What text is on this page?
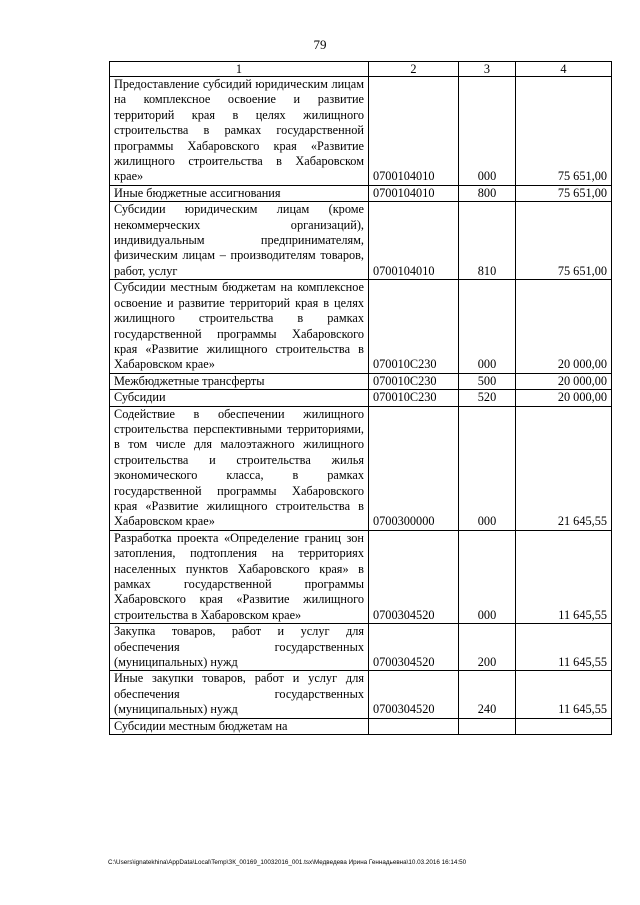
79
1	2	3	4
Предоставление субсидий юридическим лицам на комплексное освоение и развитие территорий края в целях жилищного строительства в рамках государственной программы Хабаровского края «Развитие жилищного строительства в Хабаровском крае»	0700104010	000	75 651,00
Иные бюджетные ассигнования	0700104010	800	75 651,00
Субсидии юридическим лицам (кроме некоммерческих организаций), индивидуальным предпринимателям, физическим лицам – производителям товаров, работ, услуг	0700104010	810	75 651,00
Субсидии местным бюджетам на комплексное освоение и развитие территорий края в целях жилищного строительства в рамках государственной программы Хабаровского края «Развитие жилищного строительства в Хабаровском крае»	070010С230	000	20 000,00
Межбюджетные трансферты	070010С230	500	20 000,00
Субсидии	070010С230	520	20 000,00
Содействие в обеспечении жилищного строительства перспективными территориями, в том числе для малоэтажного жилищного строительства и строительства жилья экономического класса, в рамках государственной программы Хабаровского края «Развитие жилищного строительства в Хабаровском крае»	0700300000	000	21 645,55
Разработка проекта «Определение границ зон затопления, подтопления на территориях населенных пунктов Хабаровского края» в рамках государственной программы Хабаровского края «Развитие жилищного строительства в Хабаровском крае»	0700304520	000	11 645,55
Закупка товаров, работ и услуг для обеспечения государственных (муниципальных) нужд	0700304520	200	11 645,55
Иные закупки товаров, работ и услуг для обеспечения государственных (муниципальных) нужд	0700304520	240	11 645,55
Субсидии местным бюджетам на			
C:\Users\ignatekhina\AppData\Local\Temp\ЗК_00169_10032016_001.tsx\Медведева Ирина Геннадьевна\10.03.2016 16:14:50
